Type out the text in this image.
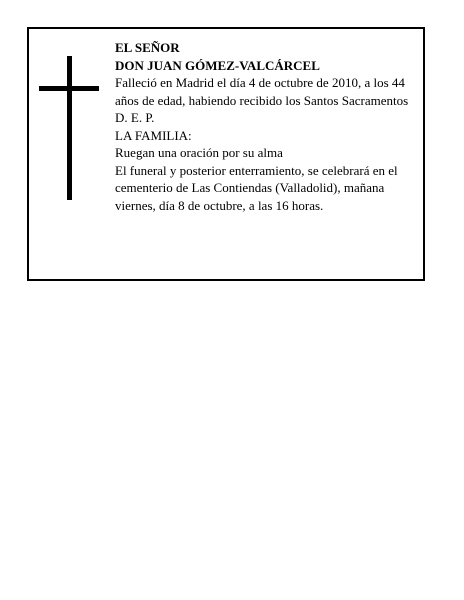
EL SEÑOR
DON JUAN GÓMEZ-VALCÁRCEL
Falleció en Madrid el día 4 de octubre de 2010, a los 44 años de edad, habiendo recibido los Santos Sacramentos
D. E. P.
LA FAMILIA:
Ruegan una oración por su alma
El funeral y posterior enterramiento, se celebrará en el cementerio de Las Contiendas (Valladolid), mañana viernes, día 8 de octubre, a las 16 horas.
